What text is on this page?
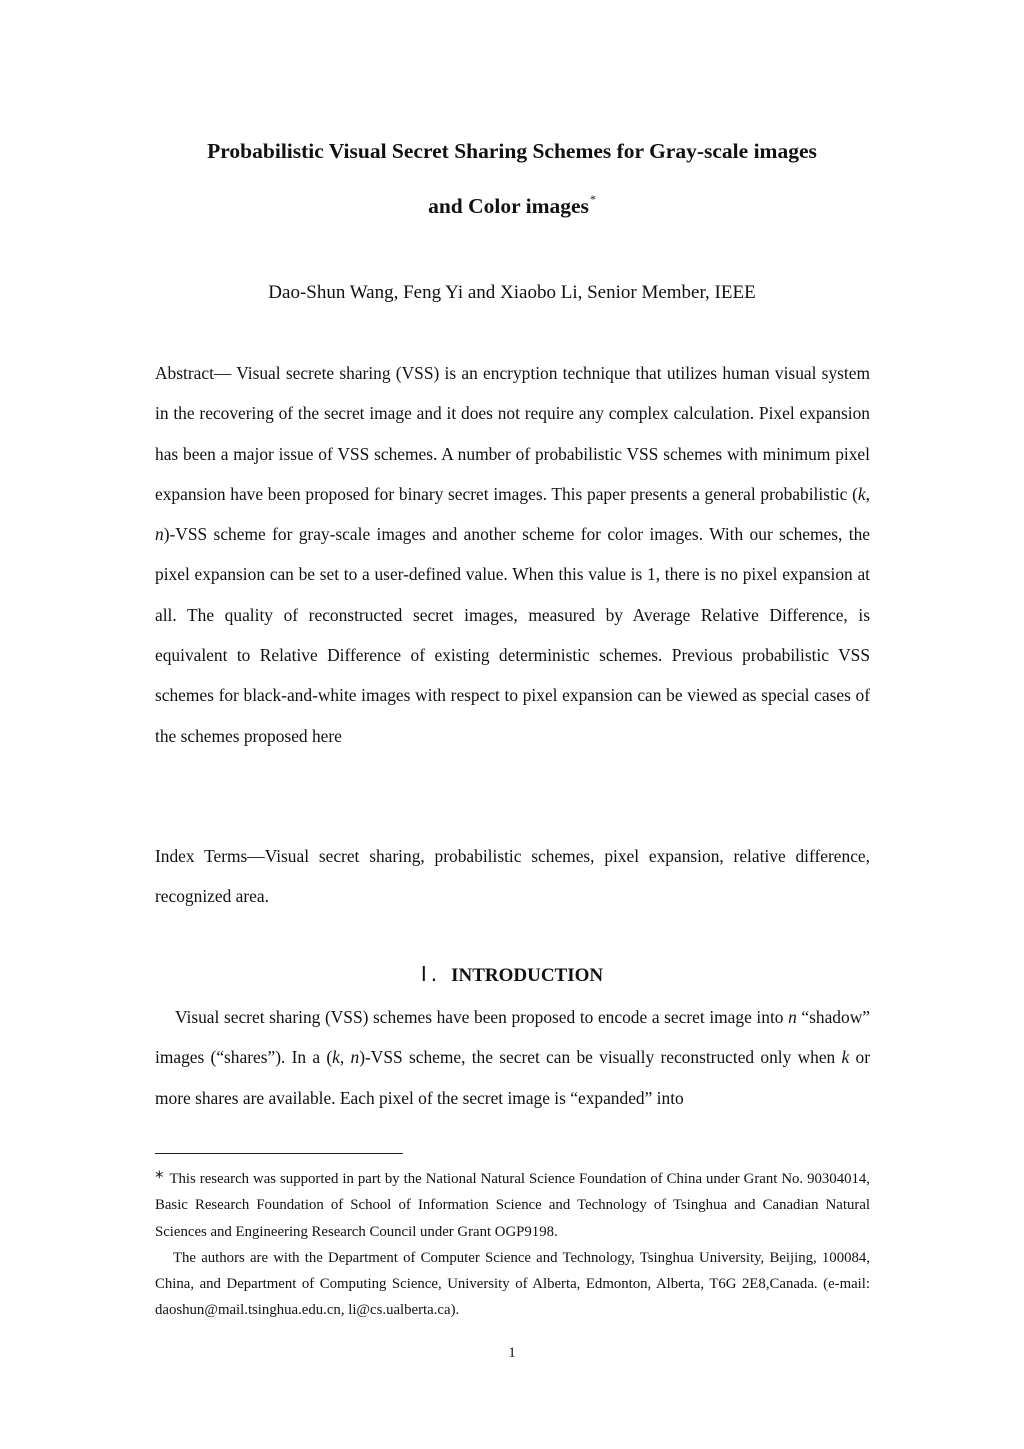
Probabilistic Visual Secret Sharing Schemes for Gray-scale images
and Color images*

Dao-Shun Wang, Feng Yi and Xiaobo Li, Senior Member, IEEE

Abstract— Visual secrete sharing (VSS) is an encryption technique that utilizes human visual system in the recovering of the secret image and it does not require any complex calculation. Pixel expansion has been a major issue of VSS schemes. A number of probabilistic VSS schemes with minimum pixel expansion have been proposed for binary secret images. This paper presents a general probabilistic (k, n)-VSS scheme for gray-scale images and another scheme for color images. With our schemes, the pixel expansion can be set to a user-defined value. When this value is 1, there is no pixel expansion at all. The quality of reconstructed secret images, measured by Average Relative Difference, is equivalent to Relative Difference of existing deterministic schemes. Previous probabilistic VSS schemes for black-and-white images with respect to pixel expansion can be viewed as special cases of the schemes proposed here

Index Terms—Visual secret sharing, probabilistic schemes, pixel expansion, relative difference, recognized area.

Ⅰ. INTRODUCTION

Visual secret sharing (VSS) schemes have been proposed to encode a secret image into n “shadow” images (“shares”). In a (k, n)-VSS scheme, the secret can be visually reconstructed only when k or more shares are available. Each pixel of the secret image is “expanded” into

* This research was supported in part by the National Natural Science Foundation of China under Grant No. 90304014, Basic Research Foundation of School of Information Science and Technology of Tsinghua and Canadian Natural Sciences and Engineering Research Council under Grant OGP9198.

The authors are with the Department of Computer Science and Technology, Tsinghua University, Beijing, 100084, China, and Department of Computing Science, University of Alberta, Edmonton, Alberta, T6G 2E8,Canada. (e-mail: daoshun@mail.tsinghua.edu.cn, li@cs.ualberta.ca).

1
